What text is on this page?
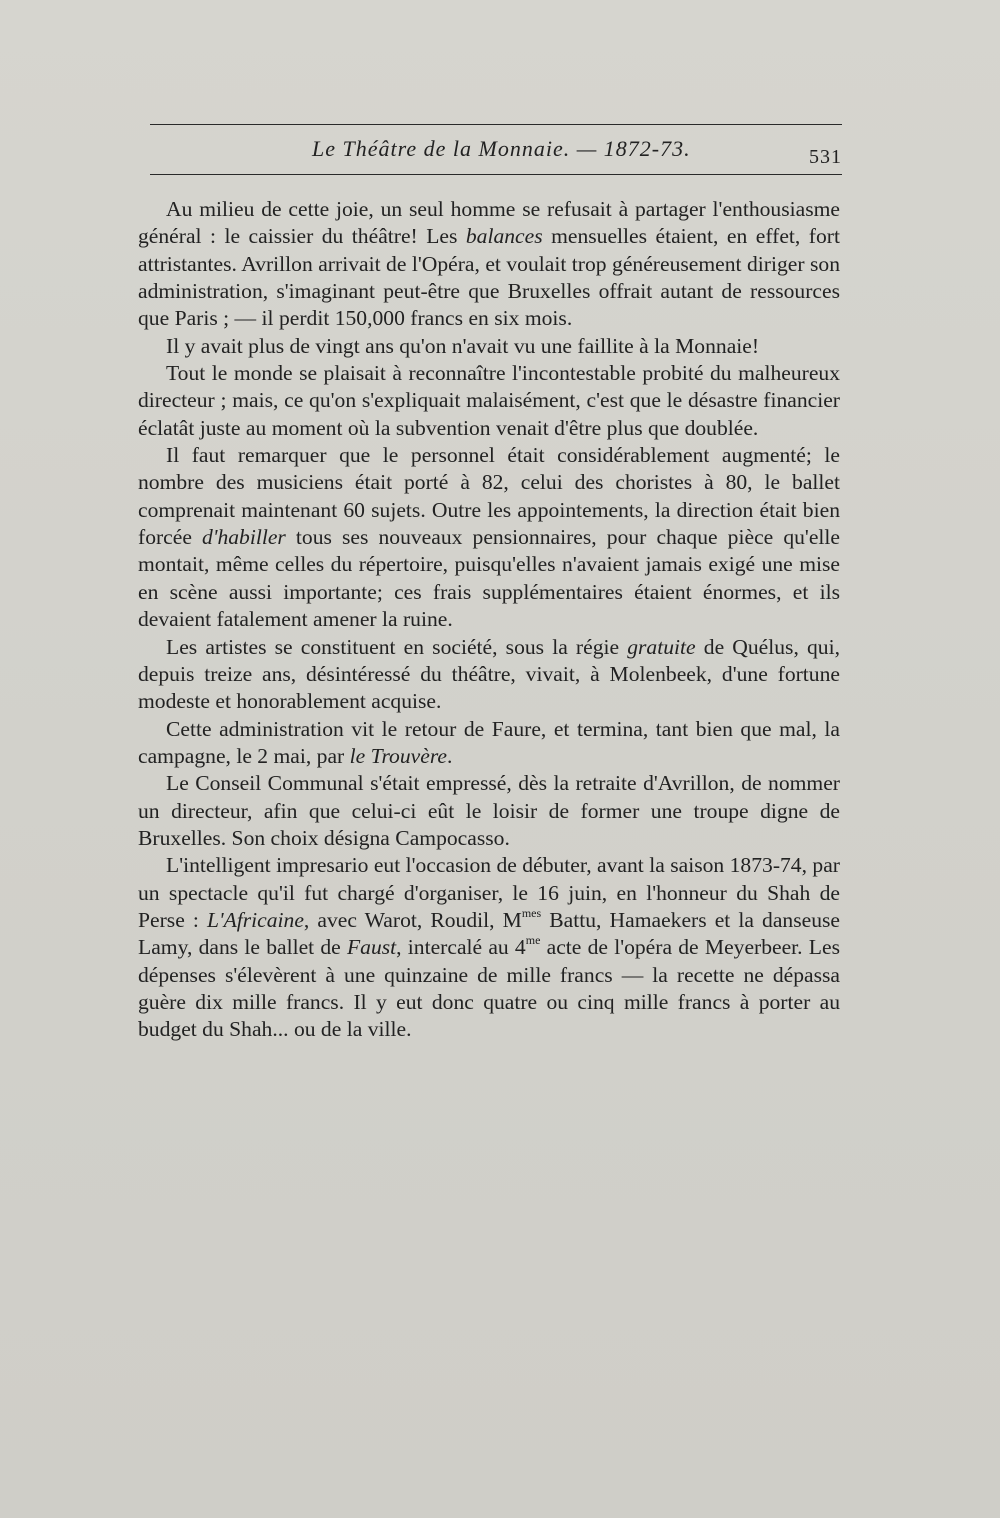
Le Théâtre de la Monnaie. — 1872-73.	531

Au milieu de cette joie, un seul homme se refusait à partager l'enthousiasme général : le caissier du théâtre! Les balances mensuelles étaient, en effet, fort attristantes. Avrillon arrivait de l'Opéra, et voulait trop généreusement diriger son administration, s'imaginant peut-être que Bruxelles offrait autant de ressources que Paris ; — il perdit 150,000 francs en six mois.

Il y avait plus de vingt ans qu'on n'avait vu une faillite à la Monnaie!

Tout le monde se plaisait à reconnaître l'incontestable probité du malheureux directeur ; mais, ce qu'on s'expliquait malaisément, c'est que le désastre financier éclatât juste au moment où la subvention venait d'être plus que doublée.

Il faut remarquer que le personnel était considérablement augmenté; le nombre des musiciens était porté à 82, celui des choristes à 80, le ballet comprenait maintenant 60 sujets. Outre les appointements, la direction était bien forcée d'habiller tous ses nouveaux pensionnaires, pour chaque pièce qu'elle montait, même celles du répertoire, puisqu'elles n'avaient jamais exigé une mise en scène aussi importante; ces frais supplémentaires étaient énormes, et ils devaient fatalement amener la ruine.

Les artistes se constituent en société, sous la régie gratuite de Quélus, qui, depuis treize ans, désintéressé du théâtre, vivait, à Molenbeek, d'une fortune modeste et honorablement acquise.

Cette administration vit le retour de Faure, et termina, tant bien que mal, la campagne, le 2 mai, par le Trouvère.

Le Conseil Communal s'était empressé, dès la retraite d'Avrillon, de nommer un directeur, afin que celui-ci eût le loisir de former une troupe digne de Bruxelles. Son choix désigna Campocasso.

L'intelligent impresario eut l'occasion de débuter, avant la saison 1873-74, par un spectacle qu'il fut chargé d'organiser, le 16 juin, en l'honneur du Shah de Perse : L'Africaine, avec Warot, Roudil, $M^{mes}$ Battu, Hamaekers et la danseuse Lamy, dans le ballet de Faust, intercalé au $4^{me}$ acte de l'opéra de Meyerbeer. Les dépenses s'élevèrent à une quinzaine de mille francs — la recette ne dépassa guère dix mille francs. Il y eut donc quatre ou cinq mille francs à porter au budget du Shah... ou de la ville.
